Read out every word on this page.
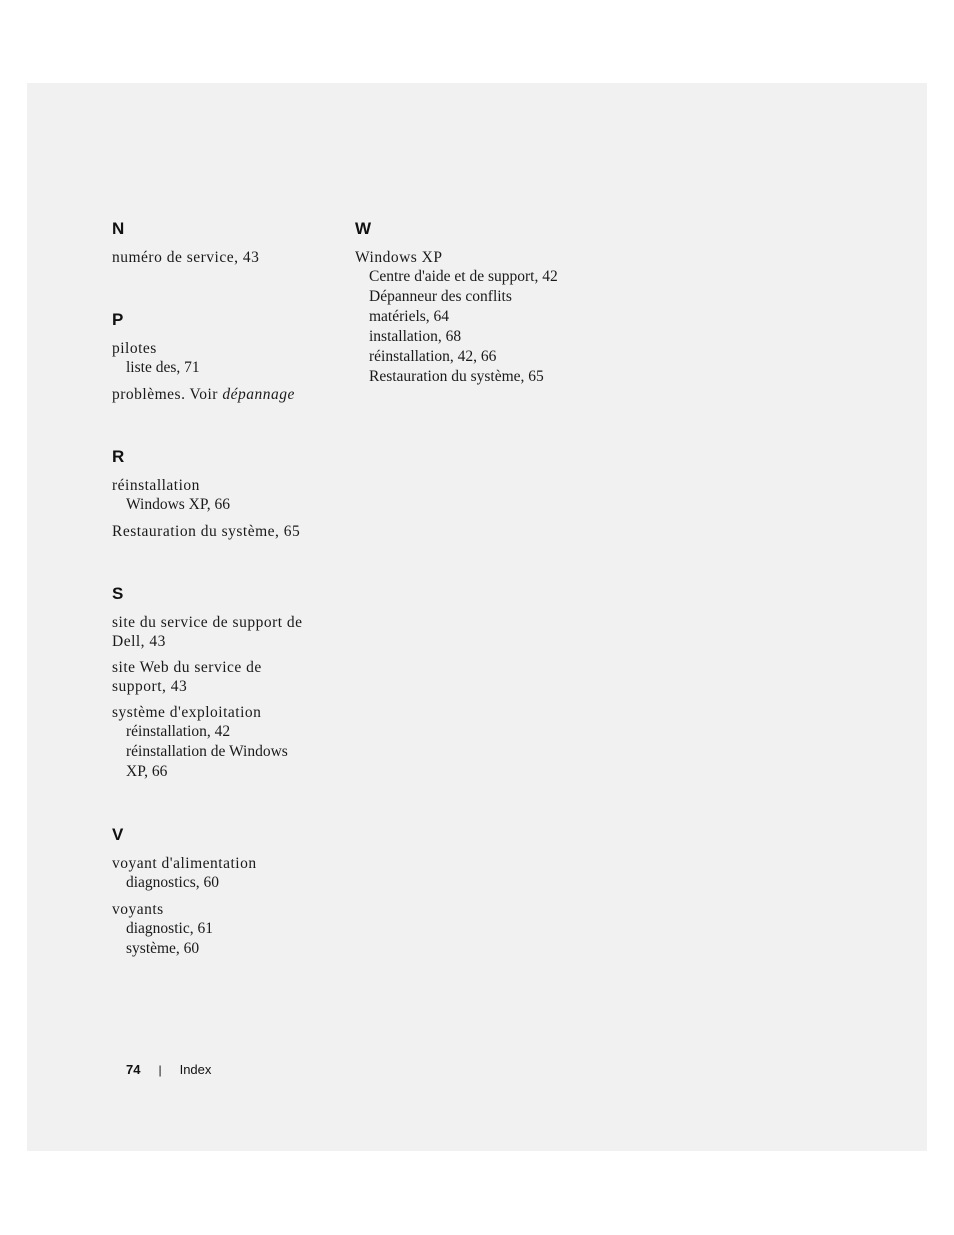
N
numéro de service, 43
P
pilotes
liste des, 71
problèmes. Voir dépannage
R
réinstallation
Windows XP, 66
Restauration du système, 65
S
site du service de support de
Dell, 43
site Web du service de
support, 43
système d'exploitation
réinstallation, 42
réinstallation de Windows
XP, 66
V
voyant d'alimentation
diagnostics, 60
voyants
diagnostic, 61
système, 60
W
Windows XP
Centre d'aide et de support, 42
Dépanneur des conflits
matériels, 64
installation, 68
réinstallation, 42, 66
Restauration du système, 65
74 | Index
